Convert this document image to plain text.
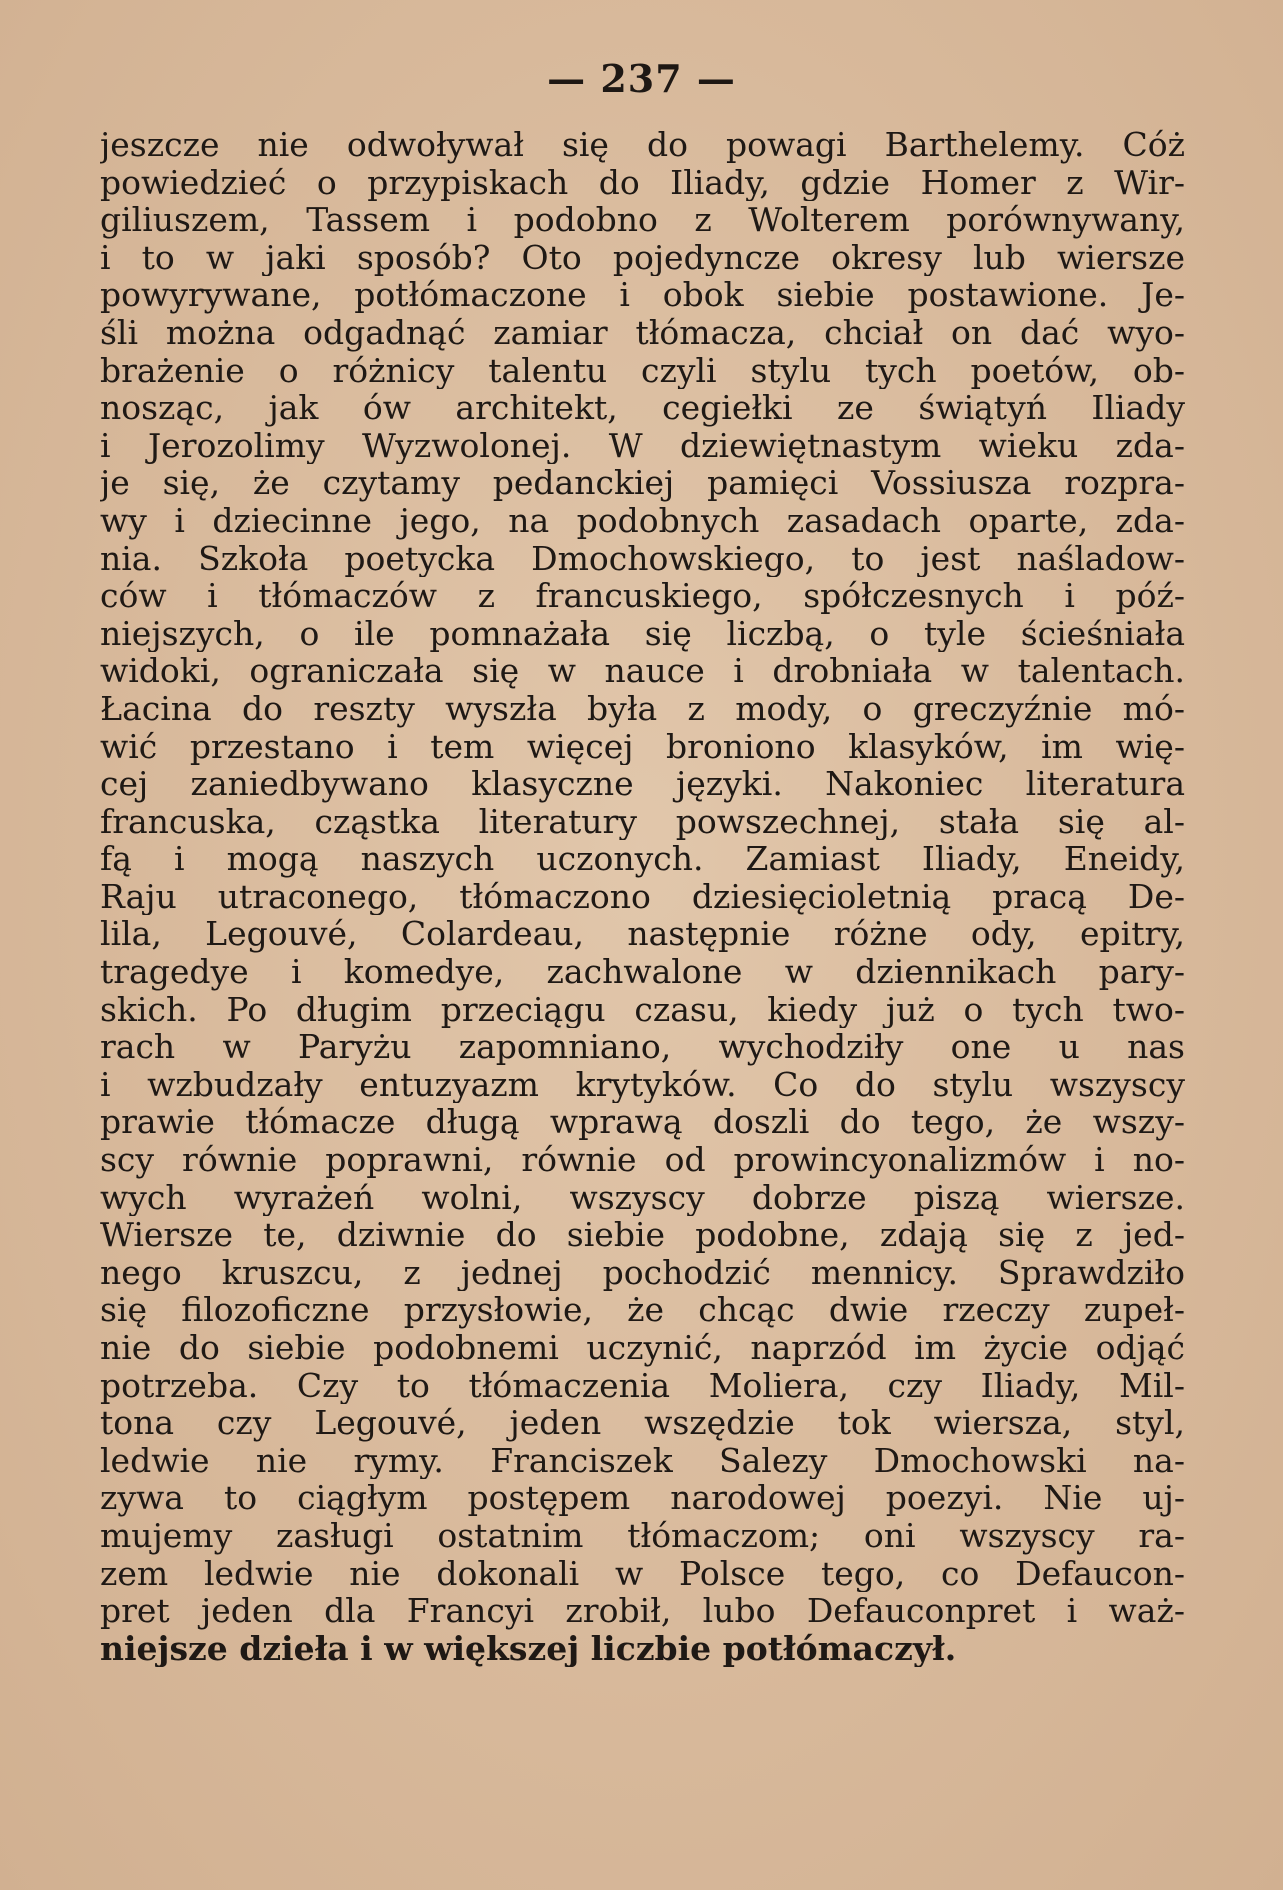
— 237 —
jeszcze nie odwoływał się do powagi Barthelemy. Cóż
powiedzieć o przypiskach do Iliady, gdzie Homer z Wir-
giliuszem, Tassem i podobno z Wolterem porównywany,
i to w jaki sposób? Oto pojedyncze okresy lub wiersze
powyrywane, potłómaczone i obok siebie postawione. Je-
śli można odgadnąć zamiar tłómacza, chciał on dać wyo-
brażenie o różnicy talentu czyli stylu tych poetów, ob-
nosząc, jak ów architekt, cegiełki ze świątyń Iliady
i Jerozolimy Wyzwolonej. W dziewiętnastym wieku zda-
je się, że czytamy pedanckiej pamięci Vossiusza rozpra-
wy i dziecinne jego, na podobnych zasadach oparte, zda-
nia. Szkoła poetycka Dmochowskiego, to jest naśladow-
ców i tłómaczów z francuskiego, spółczesnych i póź-
niejszych, o ile pomnażała się liczbą, o tyle ścieśniała
widoki, ograniczała się w nauce i drobniała w talentach.
Łacina do reszty wyszła była z mody, o greczyźnie mó-
wić przestano i tem więcej broniono klasyków, im wię-
cej zaniedbywano klasyczne języki. Nakoniec literatura
francuska, cząstka literatury powszechnej, stała się al-
fą i mogą naszych uczonych. Zamiast Iliady, Eneidy,
Raju utraconego, tłómaczono dziesięcioletnią pracą De-
lila, Legouvé, Colardeau, następnie różne ody, epitry,
tragedye i komedye, zachwalone w dziennikach pary-
skich. Po długim przeciągu czasu, kiedy już o tych two-
rach w Paryżu zapomniano, wychodziły one u nas
i wzbudzały entuzyazm krytyków. Co do stylu wszyscy
prawie tłómacze długą wprawą doszli do tego, że wszy-
scy równie poprawni, równie od prowincyonalizmów i no-
wych wyrażeń wolni, wszyscy dobrze piszą wiersze.
Wiersze te, dziwnie do siebie podobne, zdają się z jed-
nego kruszcu, z jednej pochodzić mennicy. Sprawdziło
się filozoficzne przysłowie, że chcąc dwie rzeczy zupeł-
nie do siebie podobnemi uczynić, naprzód im życie odjąć
potrzeba. Czy to tłómaczenia Moliera, czy Iliady, Mil-
tona czy Legouvé, jeden wszędzie tok wiersza, styl,
ledwie nie rymy. Franciszek Salezy Dmochowski na-
zywa to ciągłym postępem narodowej poezyi. Nie uj-
mujemy zasługi ostatnim tłómaczom; oni wszyscy ra-
zem ledwie nie dokonali w Polsce tego, co Defaucon-
pret jeden dla Francyi zrobił, lubo Defauconpret i waż-
niejsze dzieła i w większej liczbie potłómaczył.
